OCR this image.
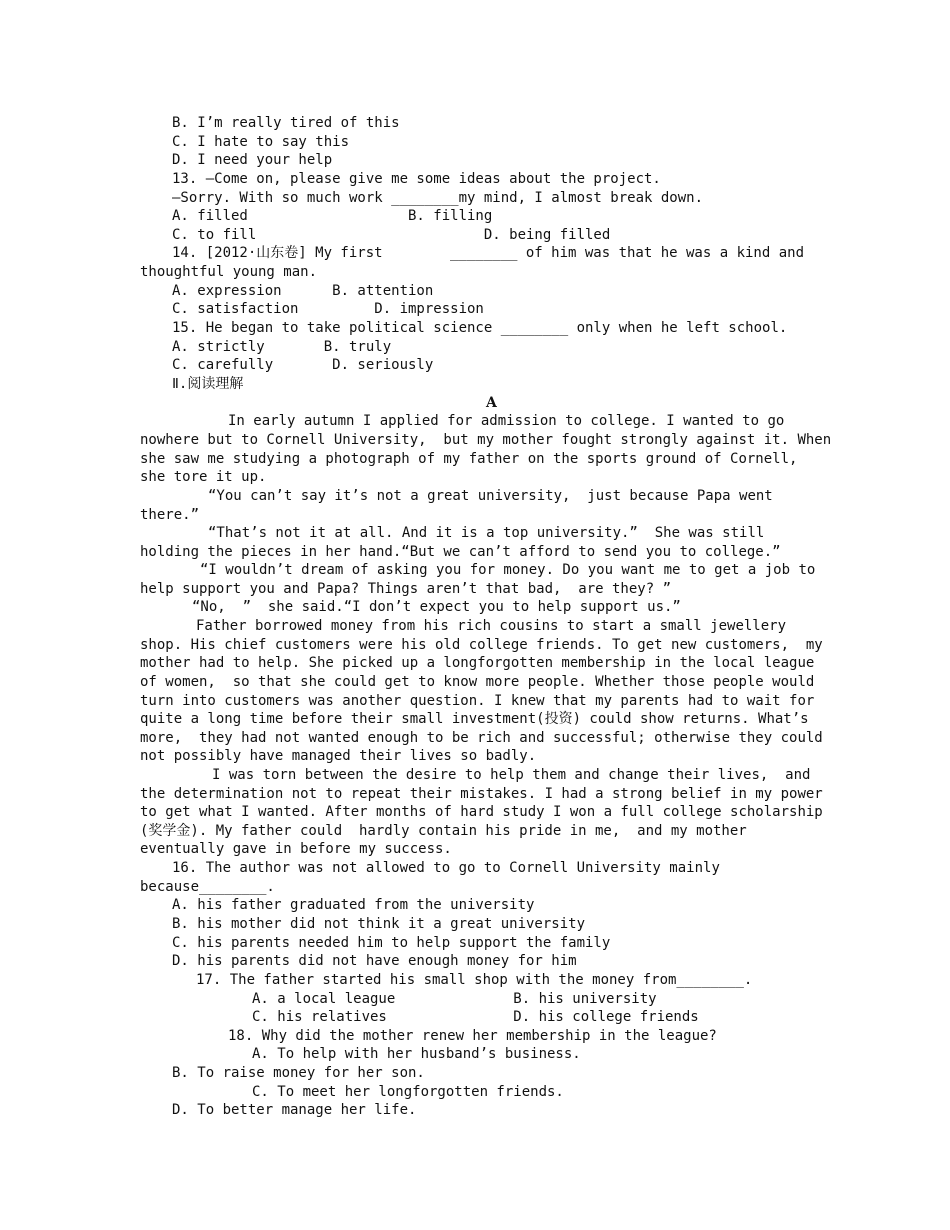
B. I’m really tired of this
C. I hate to say this
D. I need your help
13. —Come on, please give me some ideas about the project.
—Sorry. With so much work ________my mind, I almost break down.
A. filled                   B. filling
C. to fill                           D. being filled
14. [2012·山东卷] My first        ________ of him was that he was a kind and
thoughtful young man.
A. expression      B. attention
C. satisfaction         D. impression
15. He began to take political science ________ only when he left school.
A. strictly       B. truly
C. carefully       D. seriously
Ⅱ.阅读理解
A
In early autumn I applied for admission to college. I wanted to go
nowhere but to Cornell University,  but my mother fought strongly against it. When
she saw me studying a photograph of my father on the sports ground of Cornell,
she tore it up.
“You can’t say it’s not a great university,  just because Papa went
there.”
“That’s not it at all. And it is a top university.”  She was still
holding the pieces in her hand.“But we can’t afford to send you to college.”
“I wouldn’t dream of asking you for money. Do you want me to get a job to
help support you and Papa? Things aren’t that bad,  are they? ”
“No,  ”  she said.“I don’t expect you to help support us.”
Father borrowed money from his rich cousins to start a small jewellery
shop. His chief customers were his old college friends. To get new customers,  my
mother had to help. She picked up a longforgotten membership in the local league
of women,  so that she could get to know more people. Whether those people would
turn into customers was another question. I knew that my parents had to wait for
quite a long time before their small investment(投资) could show returns. What’s
more,  they had not wanted enough to be rich and successful; otherwise they could
not possibly have managed their lives so badly.
I was torn between the desire to help them and change their lives,  and
the determination not to repeat their mistakes. I had a strong belief in my power
to get what I wanted. After months of hard study I won a full college scholarship
(奖学金). My father could  hardly contain his pride in me,  and my mother
eventually gave in before my success.
16. The author was not allowed to go to Cornell University mainly
because________.
A. his father graduated from the university
B. his mother did not think it a great university
C. his parents needed him to help support the family
D. his parents did not have enough money for him
17. The father started his small shop with the money from________.
A. a local league              B. his university
C. his relatives               D. his college friends
18. Why did the mother renew her membership in the league?
A. To help with her husband’s business.
B. To raise money for her son.
C. To meet her longforgotten friends.
D. To better manage her life.
